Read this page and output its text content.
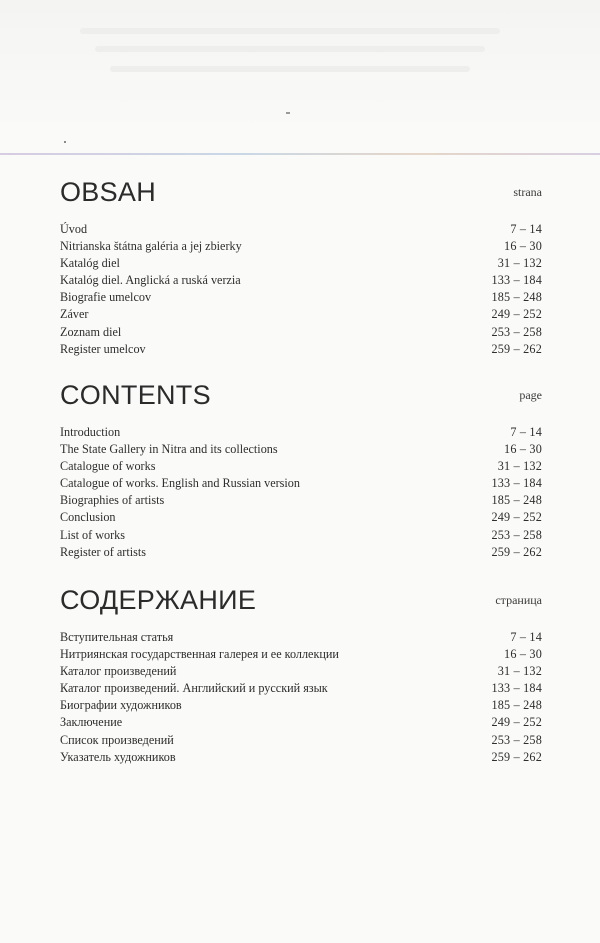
OBSAH	strana
Úvod	7 – 14
Nitrianska štátna galéria a jej zbierky	16 – 30
Katalóg diel	31 – 132
Katalóg diel. Anglická a ruská verzia	133 – 184
Biografie umelcov	185 – 248
Záver	249 – 252
Zoznam diel	253 – 258
Register umelcov	259 – 262
CONTENTS	page
Introduction	7 – 14
The State Gallery in Nitra and its collections	16 – 30
Catalogue of works	31 – 132
Catalogue of works. English and Russian version	133 – 184
Biographies of artists	185 – 248
Conclusion	249 – 252
List of works	253 – 258
Register of artists	259 – 262
СОДЕРЖАНИЕ	страница
Вступительная статья	7 – 14
Нитриянская государственная галерея и ее коллекции	16 – 30
Каталог произведений	31 – 132
Каталог произведений. Английский и русский язык	133 – 184
Биографии художников	185 – 248
Заключение	249 – 252
Список произведений	253 – 258
Указатель художников	259 – 262
